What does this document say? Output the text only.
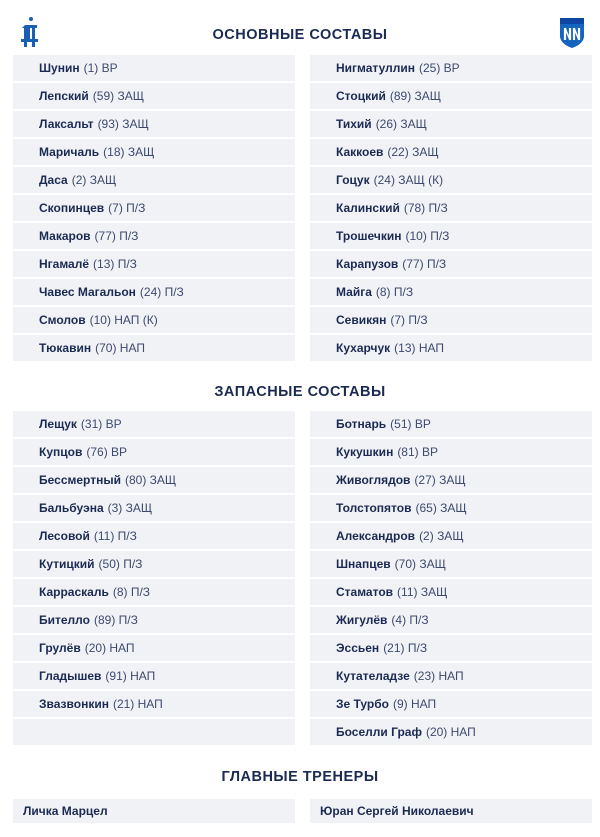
ОСНОВНЫЕ СОСТАВЫ
Шунин (1) ВР
Лепский (59) ЗАЩ
Лаксальт (93) ЗАЩ
Маричаль (18) ЗАЩ
Даса (2) ЗАЩ
Скопинцев (7) П/З
Макаров (77) П/З
Нгамалё (13) П/З
Чавес Магальон (24) П/З
Смолов (10) НАП (К)
Тюкавин (70) НАП
Нигматуллин (25) ВР
Стоцкий (89) ЗАЩ
Тихий (26) ЗАЩ
Каккоев (22) ЗАЩ
Гоцук (24) ЗАЩ (К)
Калинский (78) П/З
Трошечкин (10) П/З
Карапузов (77) П/З
Майга (8) П/З
Севикян (7) П/З
Кухарчук (13) НАП
ЗАПАСНЫЕ СОСТАВЫ
Лещук (31) ВР
Купцов (76) ВР
Бессмертный (80) ЗАЩ
Бальбуэна (3) ЗАЩ
Лесовой (11) П/З
Кутицкий (50) П/З
Карраскаль (8) П/З
Бителло (89) П/З
Грулёв (20) НАП
Гладышев (91) НАП
Звазвонкин (21) НАП
Ботнарь (51) ВР
Кукушкин (81) ВР
Живоглядов (27) ЗАЩ
Толстопятов (65) ЗАЩ
Александров (2) ЗАЩ
Шнапцев (70) ЗАЩ
Стаматов (11) ЗАЩ
Жигулёв (4) П/З
Эссьен (21) П/З
Кутателадзе (23) НАП
Зе Турбо (9) НАП
Боселли Граф (20) НАП
ГЛАВНЫЕ ТРЕНЕРЫ
Личка Марцел	Юран Сергей Николаевич
